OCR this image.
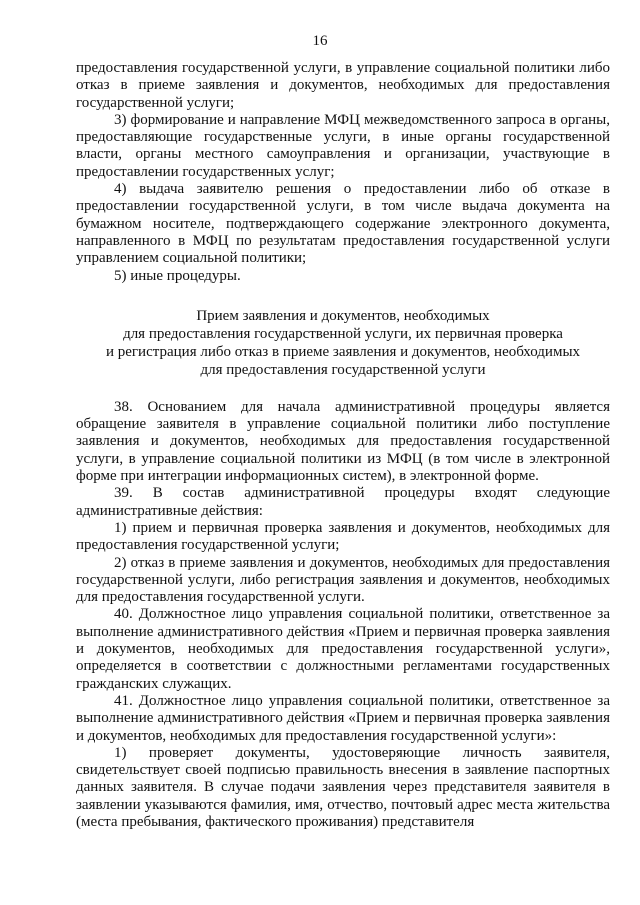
16

предоставления государственной услуги, в управление социальной политики либо отказ в приеме заявления и документов, необходимых для предоставления государственной услуги;

3) формирование и направление МФЦ межведомственного запроса в органы, предоставляющие государственные услуги, в иные органы государственной власти, органы местного самоуправления и организации, участвующие в предоставлении государственных услуг;

4) выдача заявителю решения о предоставлении либо об отказе в предоставлении государственной услуги, в том числе выдача документа на бумажном носителе, подтверждающего содержание электронного документа, направленного в МФЦ по результатам предоставления государственной услуги управлением социальной политики;

5) иные процедуры.

Прием заявления и документов, необходимых
для предоставления государственной услуги, их первичная проверка
и регистрация либо отказ в приеме заявления и документов, необходимых
для предоставления государственной услуги

38. Основанием для начала административной процедуры является обращение заявителя в управление социальной политики либо поступление заявления и документов, необходимых для предоставления государственной услуги, в управление социальной политики из МФЦ (в том числе в электронной форме при интеграции информационных систем), в электронной форме.

39. В состав административной процедуры входят следующие административные действия:

1) прием и первичная проверка заявления и документов, необходимых для предоставления государственной услуги;

2) отказ в приеме заявления и документов, необходимых для предоставления государственной услуги, либо регистрация заявления и документов, необходимых для предоставления государственной услуги.

40. Должностное лицо управления социальной политики, ответственное за выполнение административного действия «Прием и первичная проверка заявления и документов, необходимых для предоставления государственной услуги», определяется в соответствии с должностными регламентами государственных гражданских служащих.

41. Должностное лицо управления социальной политики, ответственное за выполнение административного действия «Прием и первичная проверка заявления и документов, необходимых для предоставления государственной услуги»:

1) проверяет документы, удостоверяющие личность заявителя, свидетельствует своей подписью правильность внесения в заявление паспортных данных заявителя. В случае подачи заявления через представителя заявителя в заявлении указываются фамилия, имя, отчество, почтовый адрес места жительства (места пребывания, фактического проживания) представителя
